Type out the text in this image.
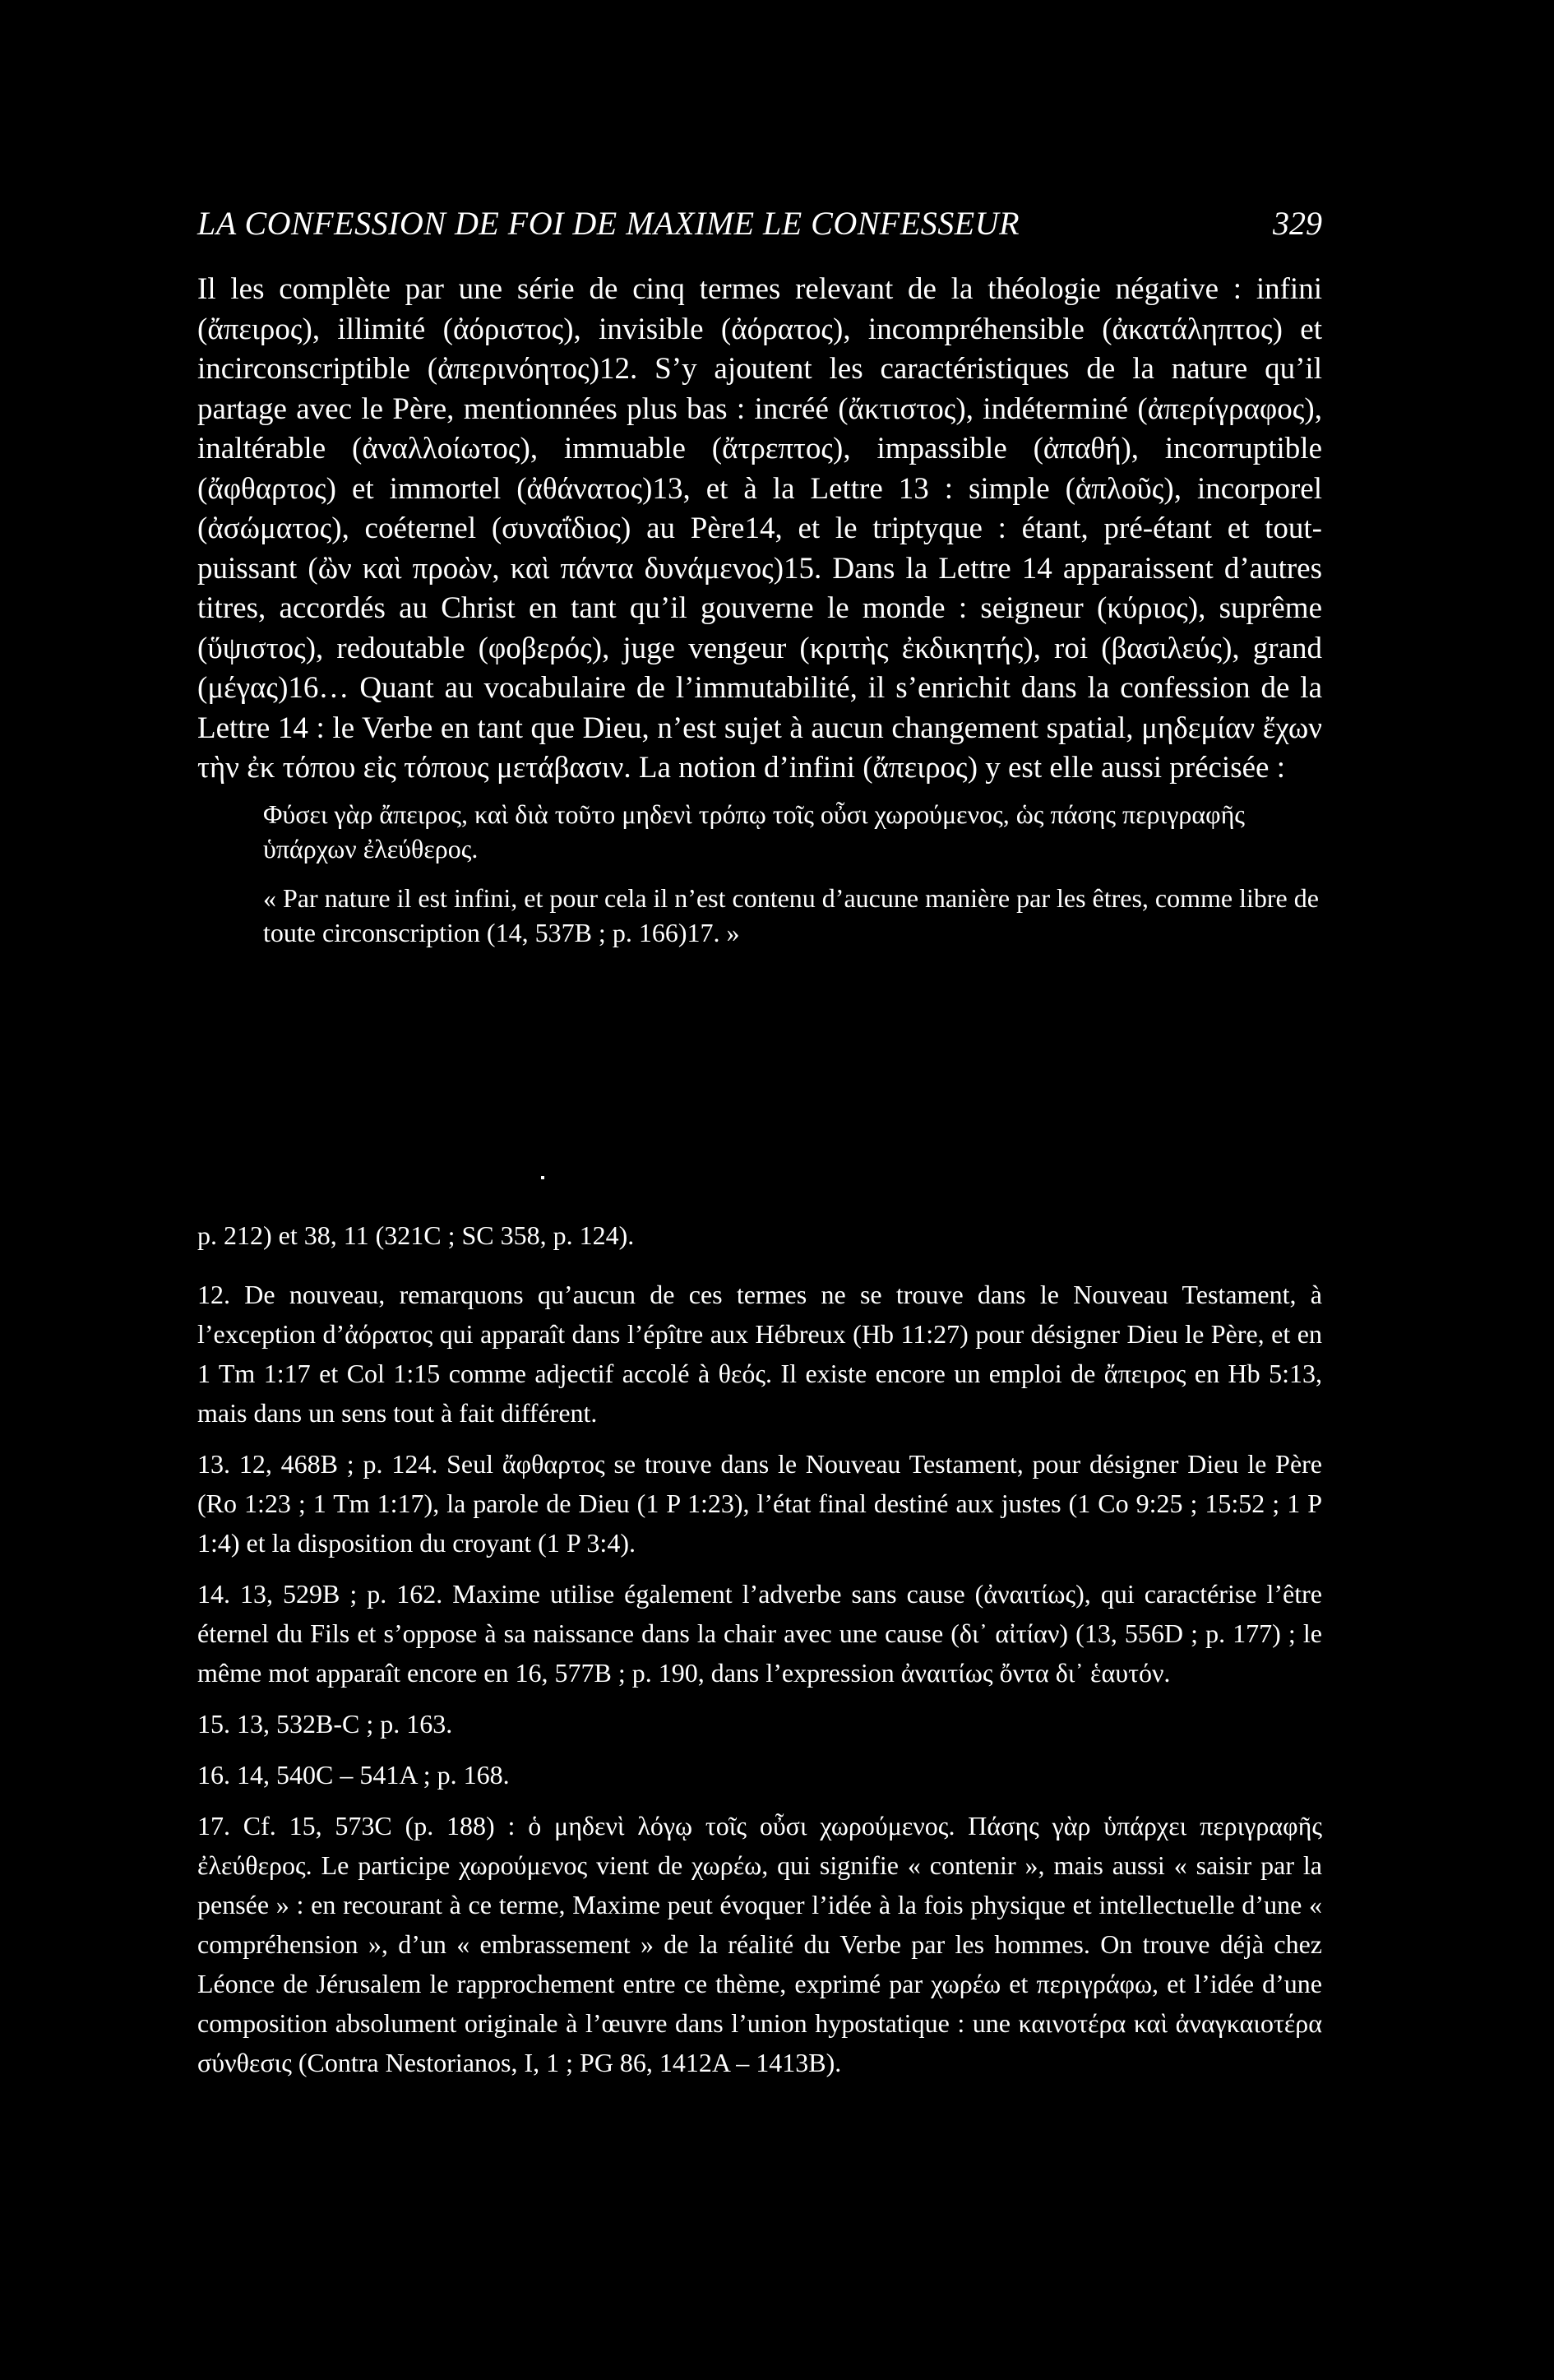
LA CONFESSION DE FOI DE MAXIME LE CONFESSEUR	329

Il les complète par une série de cinq termes relevant de la théologie négative : infini (ἄπειρος), illimité (ἀόριστος), invisible (ἀόρατος), incompréhensible (ἀκατάληπτος) et incirconscriptible (ἀπερινόητος)12. S’y ajoutent les caractéristiques de la nature qu’il partage avec le Père, mentionnées plus bas : incréé (ἄκτιστος), indéterminé (ἀπερίγραφος), inaltérable (ἀναλλοίωτος), immuable (ἄτρεπτος), impassible (ἀπαθή), incorruptible (ἄφθαρτος) et immortel (ἀθάνατος)13, et à la Lettre 13 : simple (ἁπλοῦς), incorporel (ἀσώματος), coéternel (συναΐδιος) au Père14, et le triptyque : étant, pré-étant et tout-puissant (ὢν καὶ προὼν, καὶ πάντα δυνάμενος)15. Dans la Lettre 14 apparaissent d’autres titres, accordés au Christ en tant qu’il gouverne le monde : seigneur (κύριος), suprême (ὕψιστος), redoutable (φοβερός), juge vengeur (κριτὴς ἐκδικητής), roi (βασιλεύς), grand (μέγας)16… Quant au vocabulaire de l’immutabilité, il s’enrichit dans la confession de la Lettre 14 : le Verbe en tant que Dieu, n’est sujet à aucun changement spatial, μηδεμίαν ἔχων τὴν ἐκ τόπου εἰς τόπους μετάβασιν. La notion d’infini (ἄπειρος) y est elle aussi précisée :

Φύσει γὰρ ἄπειρος, καὶ διὰ τοῦτο μηδενὶ τρόπῳ τοῖς οὖσι χωρούμενος, ὡς πάσης περιγραφῆς ὑπάρχων ἐλεύθερος.

« Par nature il est infini, et pour cela il n’est contenu d’aucune manière par les êtres, comme libre de toute circonscription (14, 537B ; p. 166)17. »

p. 212) et 38, 11 (321C ; SC 358, p. 124).

12. De nouveau, remarquons qu’aucun de ces termes ne se trouve dans le Nouveau Testament, à l’exception d’ἀόρατος qui apparaît dans l’épître aux Hébreux (Hb 11:27) pour désigner Dieu le Père, et en 1 Tm 1:17 et Col 1:15 comme adjectif accolé à θεός. Il existe encore un emploi de ἄπειρος en Hb 5:13, mais dans un sens tout à fait différent.

13. 12, 468B ; p. 124. Seul ἄφθαρτος se trouve dans le Nouveau Testament, pour désigner Dieu le Père (Ro 1:23 ; 1 Tm 1:17), la parole de Dieu (1 P 1:23), l’état final destiné aux justes (1 Co 9:25 ; 15:52 ; 1 P 1:4) et la disposition du croyant (1 P 3:4).

14. 13, 529B ; p. 162. Maxime utilise également l’adverbe sans cause (ἀναιτίως), qui caractérise l’être éternel du Fils et s’oppose à sa naissance dans la chair avec une cause (δι᾽ αἰτίαν) (13, 556D ; p. 177) ; le même mot apparaît encore en 16, 577B ; p. 190, dans l’expression ἀναιτίως ὄντα δι᾽ ἑαυτόν.

15. 13, 532B-C ; p. 163.

16. 14, 540C – 541A ; p. 168.

17. Cf. 15, 573C (p. 188) : ὁ μηδενὶ λόγῳ τοῖς οὖσι χωρούμενος. Πάσης γὰρ ὑπάρχει περιγραφῆς ἐλεύθερος. Le participe χωρούμενος vient de χωρέω, qui signifie « contenir », mais aussi « saisir par la pensée » : en recourant à ce terme, Maxime peut évoquer l’idée à la fois physique et intellectuelle d’une « compréhension », d’un « embrassement » de la réalité du Verbe par les hommes. On trouve déjà chez Léonce de Jérusalem le rapprochement entre ce thème, exprimé par χωρέω et περιγράφω, et l’idée d’une composition absolument originale à l’œuvre dans l’union hypostatique : une καινοτέρα καὶ ἀναγκαιοτέρα σύνθεσις (Contra Nestorianos, I, 1 ; PG 86, 1412A – 1413B).
